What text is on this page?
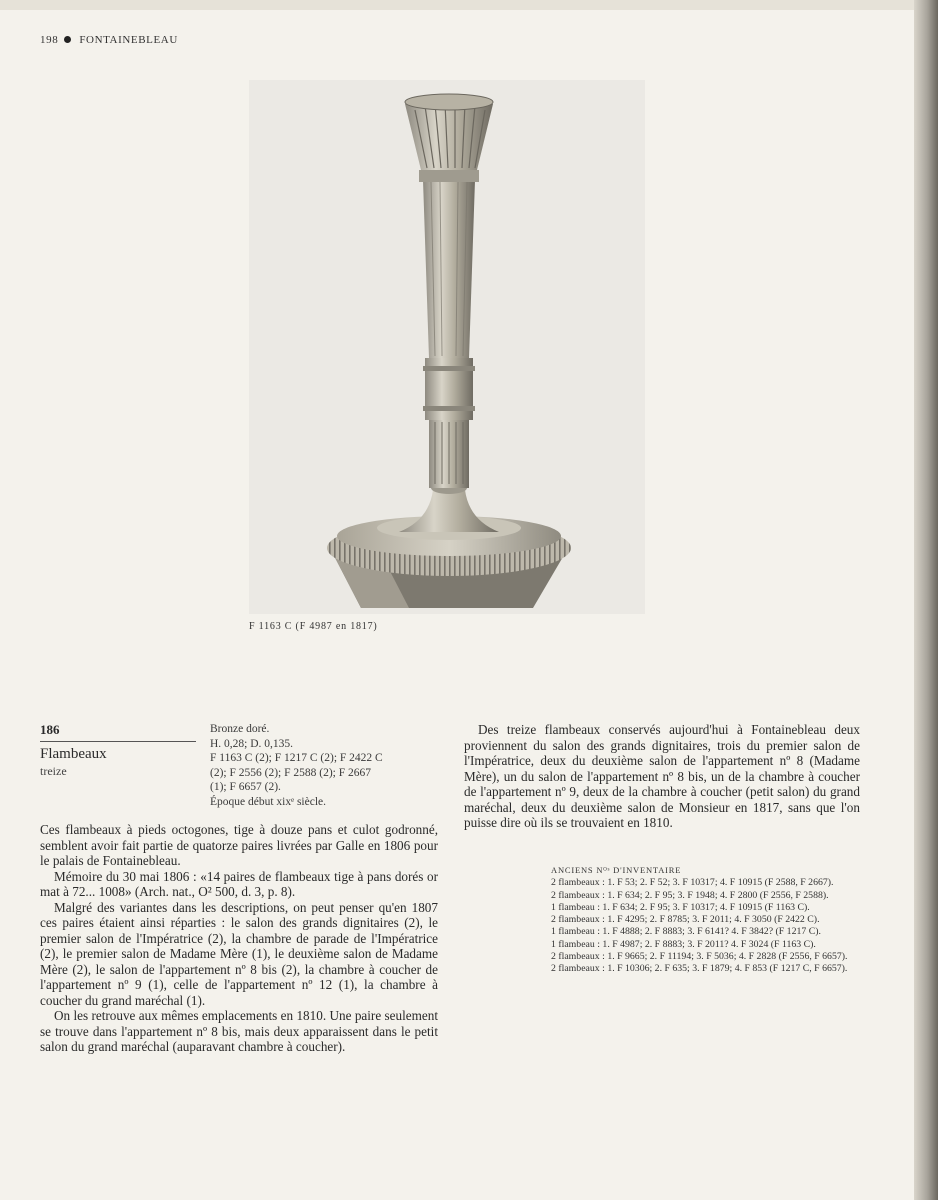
198 FONTAINEBLEAU
F 1163 C (F 4987 en 1817)
186
Flambeaux
treize
Bronze doré.
H. 0,28; D. 0,135.
F 1163 C (2); F 1217 C (2); F 2422 C
(2); F 2556 (2); F 2588 (2); F 2667
(1); F 6657 (2).
Époque début xixᵉ siècle.

Ces flambeaux à pieds octogones, tige à douze pans et culot godronné, semblent avoir fait partie de quatorze paires livrées par Galle en 1806 pour le palais de Fontainebleau.

Mémoire du 30 mai 1806 : «14 paires de flambeaux tige à pans dorés or mat à 72... 1008» (Arch. nat., O² 500, d. 3, p. 8).

Malgré des variantes dans les descriptions, on peut penser qu'en 1807 ces paires étaient ainsi réparties : le salon des grands dignitaires (2), le premier salon de l'Impératrice (2), la chambre de parade de l'Impératrice (2), le premier salon de Madame Mère (1), le deuxième salon de Madame Mère (2), le salon de l'appartement nº 8 bis (2), la chambre à coucher de l'appartement nº 9 (1), celle de l'appartement nº 12 (1), la chambre à coucher du grand maréchal (1).

On les retrouve aux mêmes emplacements en 1810. Une paire seulement se trouve dans l'appartement nº 8 bis, mais deux apparaissent dans le petit salon du grand maréchal (auparavant chambre à coucher).

Des treize flambeaux conservés aujourd'hui à Fontainebleau deux proviennent du salon des grands dignitaires, trois du premier salon de l'Impératrice, deux du deuxième salon de l'appartement nº 8 (Madame Mère), un du salon de l'appartement nº 8 bis, un de la chambre à coucher de l'appartement nº 9, deux de la chambre à coucher (petit salon) du grand maréchal, deux du deuxième salon de Monsieur en 1817, sans que l'on puisse dire où ils se trouvaient en 1810.

ANCIENS Nᴼˢ D'INVENTAIRE
2 flambeaux : 1. F 53; 2. F 52; 3. F 10317; 4. F 10915 (F 2588, F 2667).
2 flambeaux : 1. F 634; 2. F 95; 3. F 1948; 4. F 2800 (F 2556, F 2588).
1 flambeau : 1. F 634; 2. F 95; 3. F 10317; 4. F 10915 (F 1163 C).
2 flambeaux : 1. F 4295; 2. F 8785; 3. F 2011; 4. F 3050 (F 2422 C).
1 flambeau : 1. F 4888; 2. F 8883; 3. F 6141? 4. F 3842? (F 1217 C).
1 flambeau : 1. F 4987; 2. F 8883; 3. F 2011? 4. F 3024 (F 1163 C).
2 flambeaux : 1. F 9665; 2. F 11194; 3. F 5036; 4. F 2828 (F 2556, F 6657).
2 flambeaux : 1. F 10306; 2. F 635; 3. F 1879; 4. F 853 (F 1217 C, F 6657).
